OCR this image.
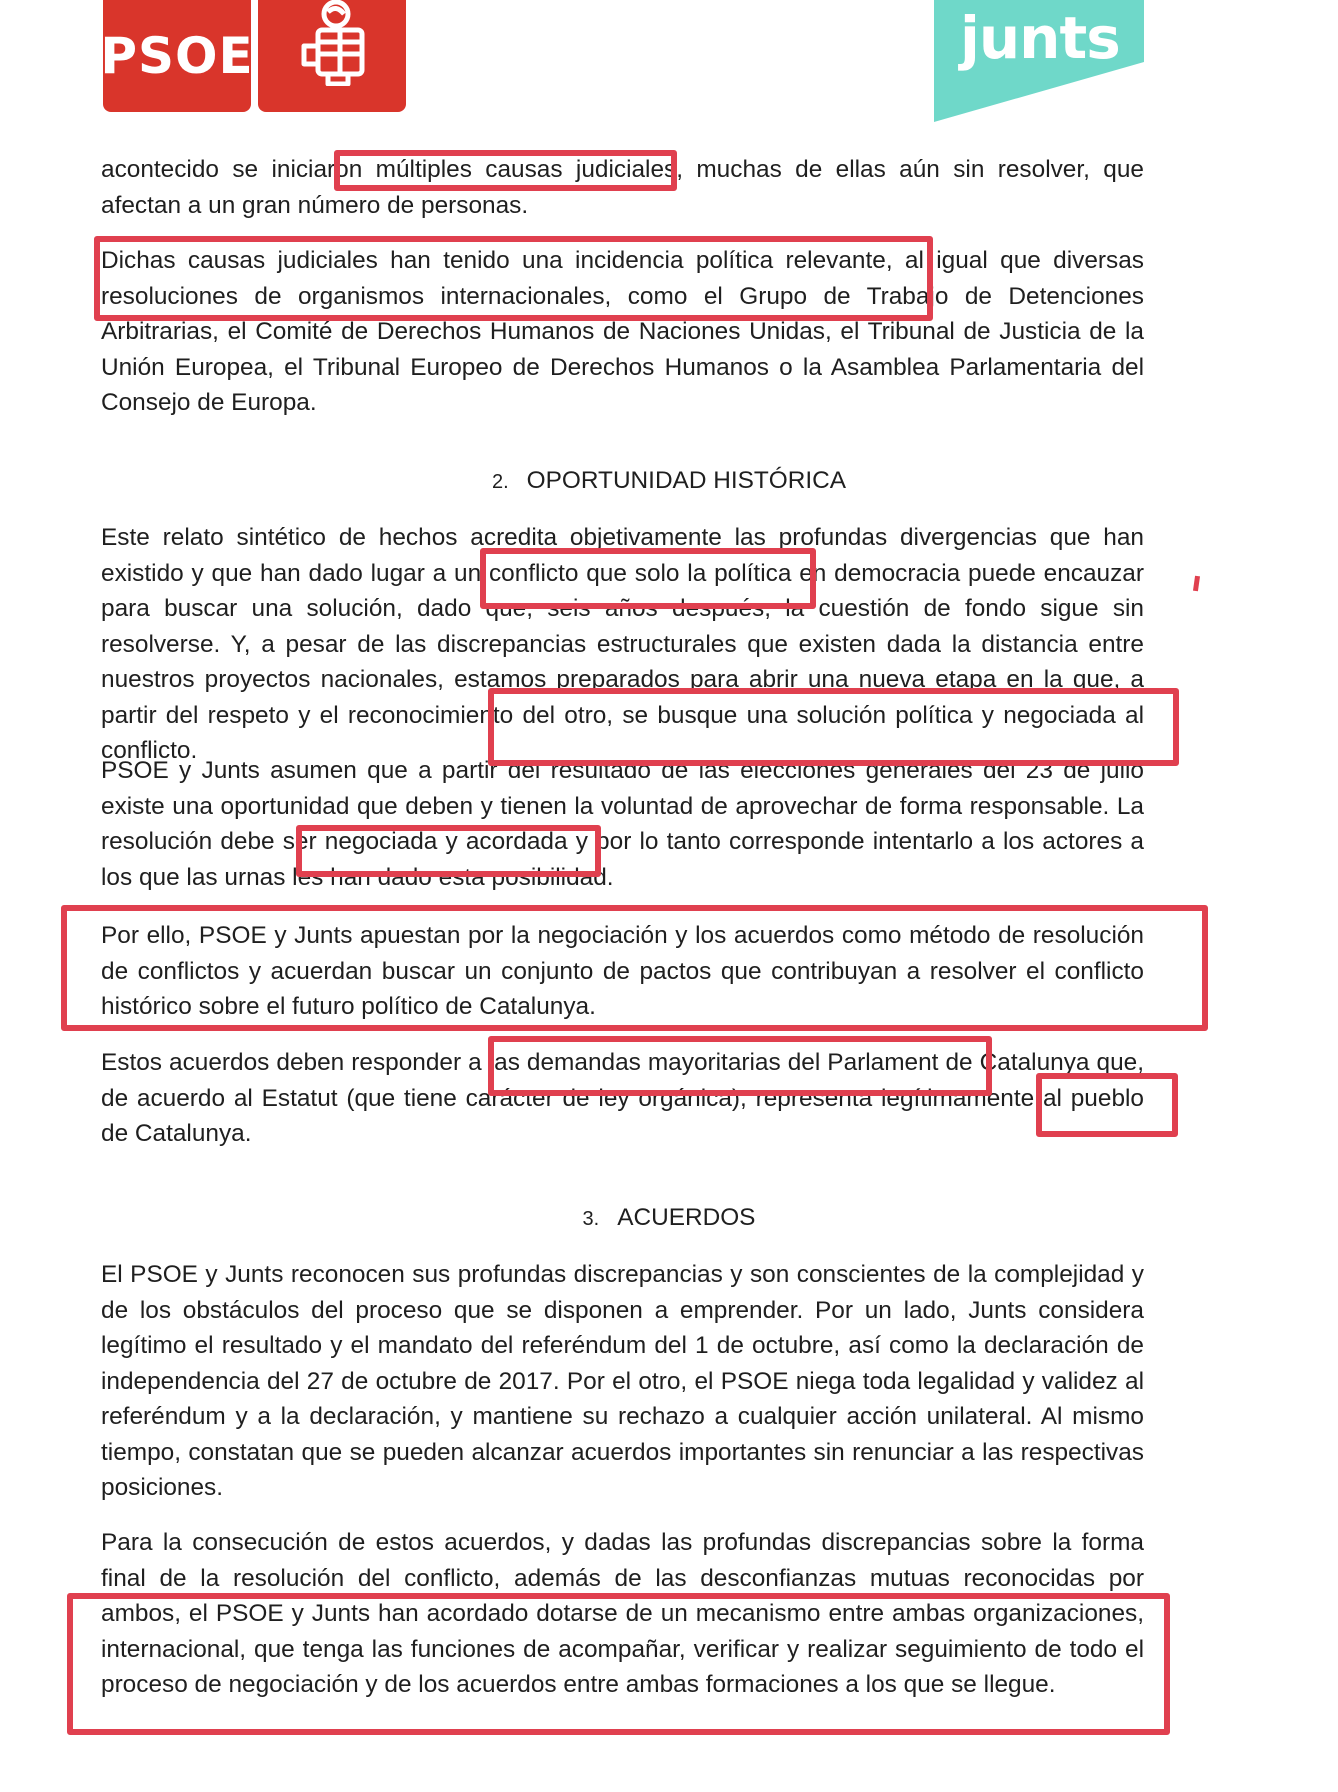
PSOE	junts

acontecido se iniciaron múltiples causas judiciales, muchas de ellas aún sin resolver, que afectan a un gran número de personas.

Dichas causas judiciales han tenido una incidencia política relevante, al igual que diversas resoluciones de organismos internacionales, como el Grupo de Trabajo de Detenciones Arbitrarias, el Comité de Derechos Humanos de Naciones Unidas, el Tribunal de Justicia de la Unión Europea, el Tribunal Europeo de Derechos Humanos o la Asamblea Parlamentaria del Consejo de Europa.

2. OPORTUNIDAD HISTÓRICA

Este relato sintético de hechos acredita objetivamente las profundas divergencias que han existido y que han dado lugar a un conflicto que solo la política en democracia puede encauzar para buscar una solución, dado que, seis años después, la cuestión de fondo sigue sin resolverse. Y, a pesar de las discrepancias estructurales que existen dada la distancia entre nuestros proyectos nacionales, estamos preparados para abrir una nueva etapa en la que, a partir del respeto y el reconocimiento del otro, se busque una solución política y negociada al conflicto.

PSOE y Junts asumen que a partir del resultado de las elecciones generales del 23 de julio existe una oportunidad que deben y tienen la voluntad de aprovechar de forma responsable. La resolución debe ser negociada y acordada y por lo tanto corresponde intentarlo a los actores a los que las urnas les han dado esta posibilidad.

Por ello, PSOE y Junts apuestan por la negociación y los acuerdos como método de resolución de conflictos y acuerdan buscar un conjunto de pactos que contribuyan a resolver el conflicto histórico sobre el futuro político de Catalunya.

Estos acuerdos deben responder a las demandas mayoritarias del Parlament de Catalunya que, de acuerdo al Estatut (que tiene carácter de ley orgánica), representa legítimamente al pueblo de Catalunya.

3. ACUERDOS

El PSOE y Junts reconocen sus profundas discrepancias y son conscientes de la complejidad y de los obstáculos del proceso que se disponen a emprender. Por un lado, Junts considera legítimo el resultado y el mandato del referéndum del 1 de octubre, así como la declaración de independencia del 27 de octubre de 2017. Por el otro, el PSOE niega toda legalidad y validez al referéndum y a la declaración, y mantiene su rechazo a cualquier acción unilateral. Al mismo tiempo, constatan que se pueden alcanzar acuerdos importantes sin renunciar a las respectivas posiciones.

Para la consecución de estos acuerdos, y dadas las profundas discrepancias sobre la forma final de la resolución del conflicto, además de las desconfianzas mutuas reconocidas por ambos, el PSOE y Junts han acordado dotarse de un mecanismo entre ambas organizaciones, internacional, que tenga las funciones de acompañar, verificar y realizar seguimiento de todo el proceso de negociación y de los acuerdos entre ambas formaciones a los que se llegue.
